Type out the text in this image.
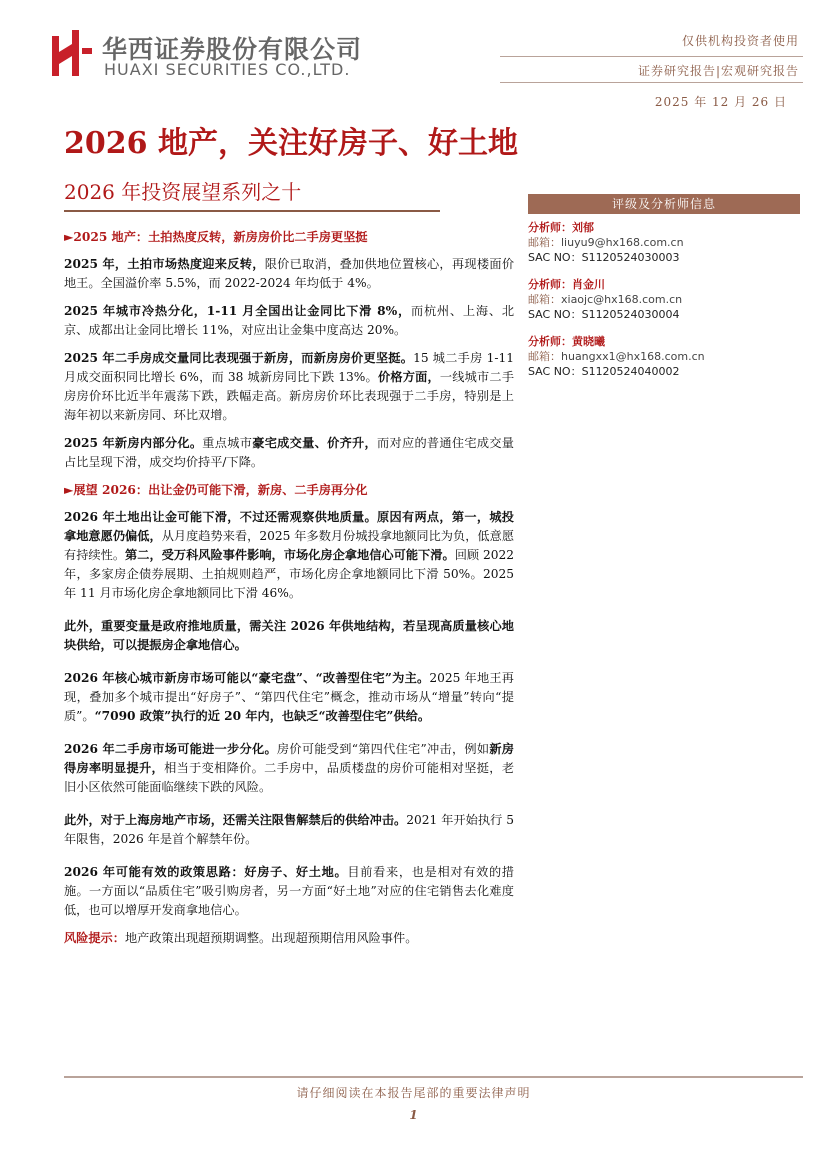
华西证券股份有限公司
HUAXI SECURITIES CO.,LTD.
仅供机构投资者使用
证券研究报告|宏观研究报告
2025 年 12 月 26 日
2026 地产，关注好房子、好土地
2026 年投资展望系列之十

►2025 地产：土拍热度反转，新房房价比二手房更坚挺

2025 年，土拍市场热度迎来反转，限价已取消，叠加供地位置核心，再现楼面价地王。全国溢价率 5.5%，而 2022-2024 年均低于 4%。

2025 年城市冷热分化，1-11 月全国出让金同比下滑 8%，而杭州、上海、北京、成都出让金同比增长 11%，对应出让金集中度高达 20%。

2025 年二手房成交量同比表现强于新房，而新房房价更坚挺。15 城二手房 1-11 月成交面积同比增长 6%，而 38 城新房同比下跌 13%。价格方面，一线城市二手房房价环比近半年震荡下跌，跌幅走高。新房房价环比表现强于二手房，特别是上海年初以来新房同、环比双增。

2025 年新房内部分化。重点城市豪宅成交量、价齐升，而对应的普通住宅成交量占比呈现下滑，成交均价持平/下降。

►展望 2026：出让金仍可能下滑，新房、二手房再分化

2026 年土地出让金可能下滑，不过还需观察供地质量。原因有两点，第一，城投拿地意愿仍偏低，从月度趋势来看，2025 年多数月份城投拿地额同比为负，低意愿有持续性。第二，受万科风险事件影响，市场化房企拿地信心可能下滑。回顾 2022 年，多家房企债券展期、土拍规则趋严，市场化房企拿地额同比下滑 50%。2025 年 11 月市场化房企拿地额同比下滑 46%。

此外，重要变量是政府推地质量，需关注 2026 年供地结构，若呈现高质量核心地块供给，可以提振房企拿地信心。

2026 年核心城市新房市场可能以“豪宅盘”、“改善型住宅”为主。2025 年地王再现，叠加多个城市提出“好房子”、“第四代住宅”概念，推动市场从“增量”转向“提质”。“7090 政策”执行的近 20 年内，也缺乏“改善型住宅”供给。

2026 年二手房市场可能进一步分化。房价可能受到“第四代住宅”冲击，例如新房得房率明显提升，相当于变相降价。二手房中，品质楼盘的房价可能相对坚挺，老旧小区依然可能面临继续下跌的风险。

此外，对于上海房地产市场，还需关注限售解禁后的供给冲击。2021 年开始执行 5 年限售，2026 年是首个解禁年份。

2026 年可能有效的政策思路：好房子、好土地。目前看来，也是相对有效的措施。一方面以“品质住宅”吸引购房者，另一方面“好土地”对应的住宅销售去化难度低，也可以增厚开发商拿地信心。

风险提示：地产政策出现超预期调整。出现超预期信用风险事件。

评级及分析师信息
分析师：刘郁
邮箱：liuyu9@hx168.com.cn
SAC NO：S1120524030003
分析师：肖金川
邮箱：xiaojc@hx168.com.cn
SAC NO：S1120524030004
分析师：黄晓曦
邮箱：huangxx1@hx168.com.cn
SAC NO：S1120524040002
请仔细阅读在本报告尾部的重要法律声明
1
